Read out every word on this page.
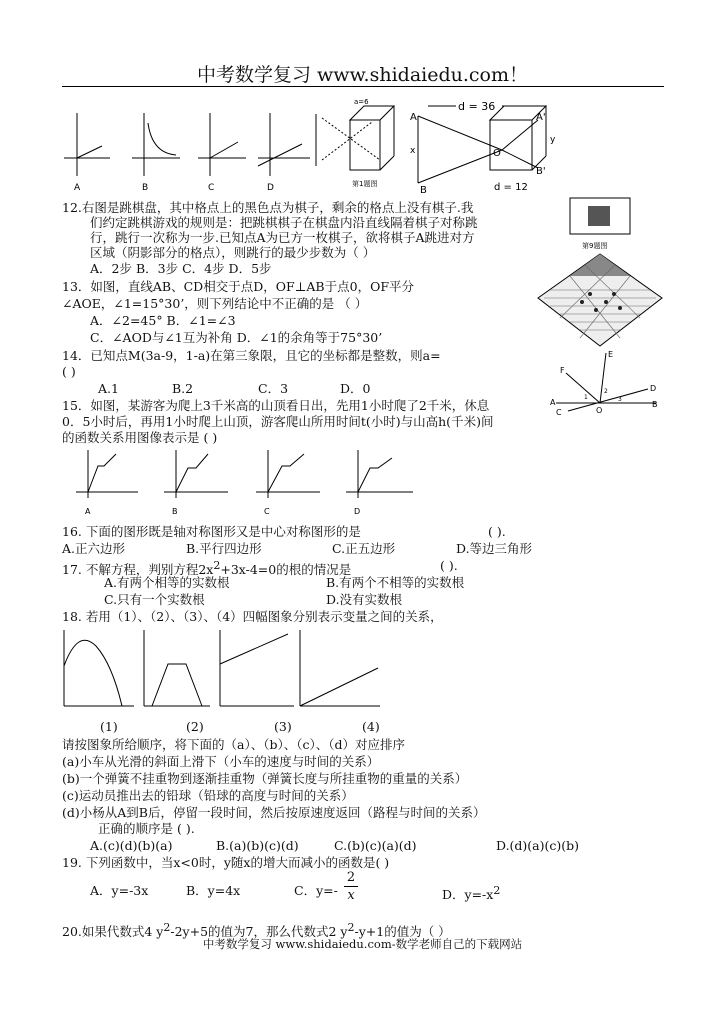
中考数学复习 www.shidaiedu.com！
A	B	C	D
a=6
第1题图
d = 36
A
B
O
A'
B'
x
y
d = 12
12.右图是跳棋盘，其中格点上的黑色点为棋子，剩余的格点上没有棋子.我
们约定跳棋游戏的规则是：把跳棋棋子在棋盘内沿直线隔着棋子对称跳
行，跳行一次称为一步.已知点A为已方一枚棋子，欲将棋子A跳进对方
区域（阴影部分的格点），则跳行的最少步数为（ ）
A．2步 B．3步 C．4步 D．5步
第9题图
13．如图，直线AB、CD相交于点D，OF⊥AB于点0，OF平分
∠AOE，∠1=15°30’，则下列结论中不正确的是 （ ）
A．∠2=45° B．∠1=∠3
C．∠AOD与∠1互为补角 D．∠1的余角等于75°30’
F
E
A
C
D
B
O
1
2
3
14．已知点M(3a-9，1-a)在第三象限，且它的坐标都是整数，则a=
( )
A.1	B.2	C．3	D．0
15．如图，某游客为爬上3千米高的山顶看日出，先用1小时爬了2千米，休息
0．5小时后，再用1小时爬上山顶，游客爬山所用时间t(小时)与山高h(千米)间
的函数关系用图像表示是 ( )
A	B	C	D
16. 下面的图形既是轴对称图形又是中心对称图形的是	( ).
A.正六边形	B.平行四边形	C.正五边形	D.等边三角形
17. 不解方程，判别方程$2x^2+3x-4=0$的根的情况是	( ).
A.有两个相等的实数根	B.有两个不相等的实数根
C.只有一个实数根	D.没有实数根
18. 若用（1）、（2）、（3）、（4）四幅图象分别表示变量之间的关系，
(1)	(2)	(3)	(4)
请按图象所给顺序，将下面的（a）、（b）、（c）、（d）对应排序
(a)小车从光滑的斜面上滑下（小车的速度与时间的关系）
(b)一个弹簧不挂重物到逐渐挂重物（弹簧长度与所挂重物的重量的关系）
(c)运动员推出去的铅球（铅球的高度与时间的关系）
(d)小杨从A到B后，停留一段时间，然后按原速度返回（路程与时间的关系）
正确的顺序是 ( ).
A.(c)(d)(b)(a)	B.(a)(b)(c)(d)	C.(b)(c)(a)(d)	D.(d)(a)(c)(b)
19. 下列函数中，当x<0时，y随x的增大而减小的函数是( )
A．y=-3x	B．y=4x	C．$y=- \frac{2}{x}$	D．$y=-x^2$
20.如果代数式4 $y^2-2y+5$的值为7，那么代数式2 $y^2-y+1$的值为（ ）
中考数学复习 www.shidaiedu.com-数学老师自己的下载网站
